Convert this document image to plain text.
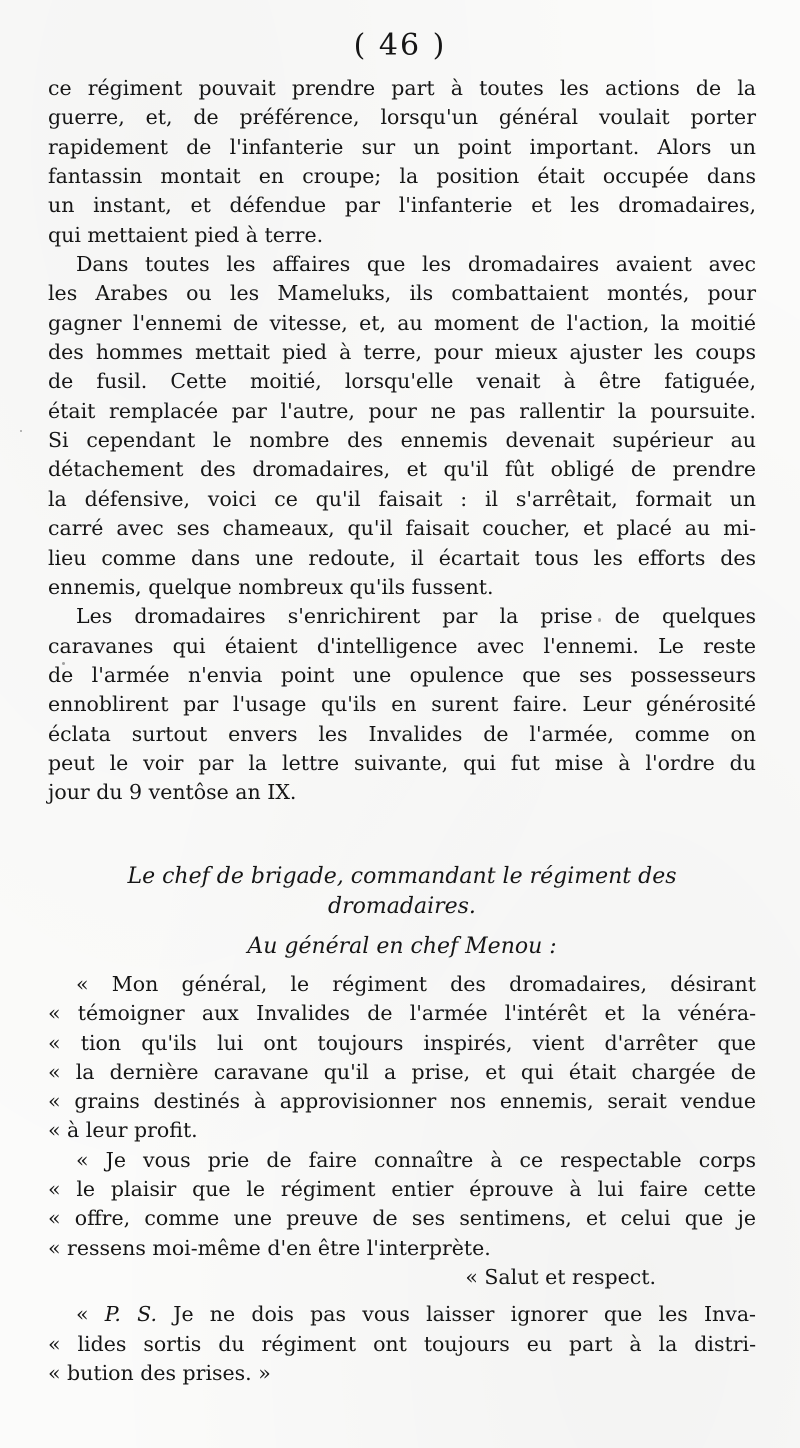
( 46 )
ce régiment pouvait prendre part à toutes les actions de la
guerre, et, de préférence, lorsqu'un général voulait porter
rapidement de l'infanterie sur un point important. Alors un
fantassin montait en croupe; la position était occupée dans
un instant, et défendue par l'infanterie et les dromadaires,
qui mettaient pied à terre.
Dans toutes les affaires que les dromadaires avaient avec
les Arabes ou les Mameluks, ils combattaient montés, pour
gagner l'ennemi de vitesse, et, au moment de l'action, la moitié
des hommes mettait pied à terre, pour mieux ajuster les coups
de fusil. Cette moitié, lorsqu'elle venait à être fatiguée,
était remplacée par l'autre, pour ne pas rallentir la poursuite.
Si cependant le nombre des ennemis devenait supérieur au
détachement des dromadaires, et qu'il fût obligé de prendre
la défensive, voici ce qu'il faisait : il s'arrêtait, formait un
carré avec ses chameaux, qu'il faisait coucher, et placé au mi-
lieu comme dans une redoute, il écartait tous les efforts des
ennemis, quelque nombreux qu'ils fussent.
Les dromadaires s'enrichirent par la prise de quelques
caravanes qui étaient d'intelligence avec l'ennemi. Le reste
de l'armée n'envia point une opulence que ses possesseurs
ennoblirent par l'usage qu'ils en surent faire. Leur générosité
éclata surtout envers les Invalides de l'armée, comme on
peut le voir par la lettre suivante, qui fut mise à l'ordre du
jour du 9 ventôse an IX.
Le chef de brigade, commandant le régiment des
dromadaires.
Au général en chef Menou :
« Mon général, le régiment des dromadaires, désirant
« témoigner aux Invalides de l'armée l'intérêt et la vénéra-
« tion qu'ils lui ont toujours inspirés, vient d'arrêter que
« la dernière caravane qu'il a prise, et qui était chargée de
« grains destinés à approvisionner nos ennemis, serait vendue
« à leur profit.
« Je vous prie de faire connaître à ce respectable corps
« le plaisir que le régiment entier éprouve à lui faire cette
« offre, comme une preuve de ses sentimens, et celui que je
« ressens moi-même d'en être l'interprète.
« Salut et respect.
« P. S. Je ne dois pas vous laisser ignorer que les Inva-
« lides sortis du régiment ont toujours eu part à la distri-
« bution des prises. »
